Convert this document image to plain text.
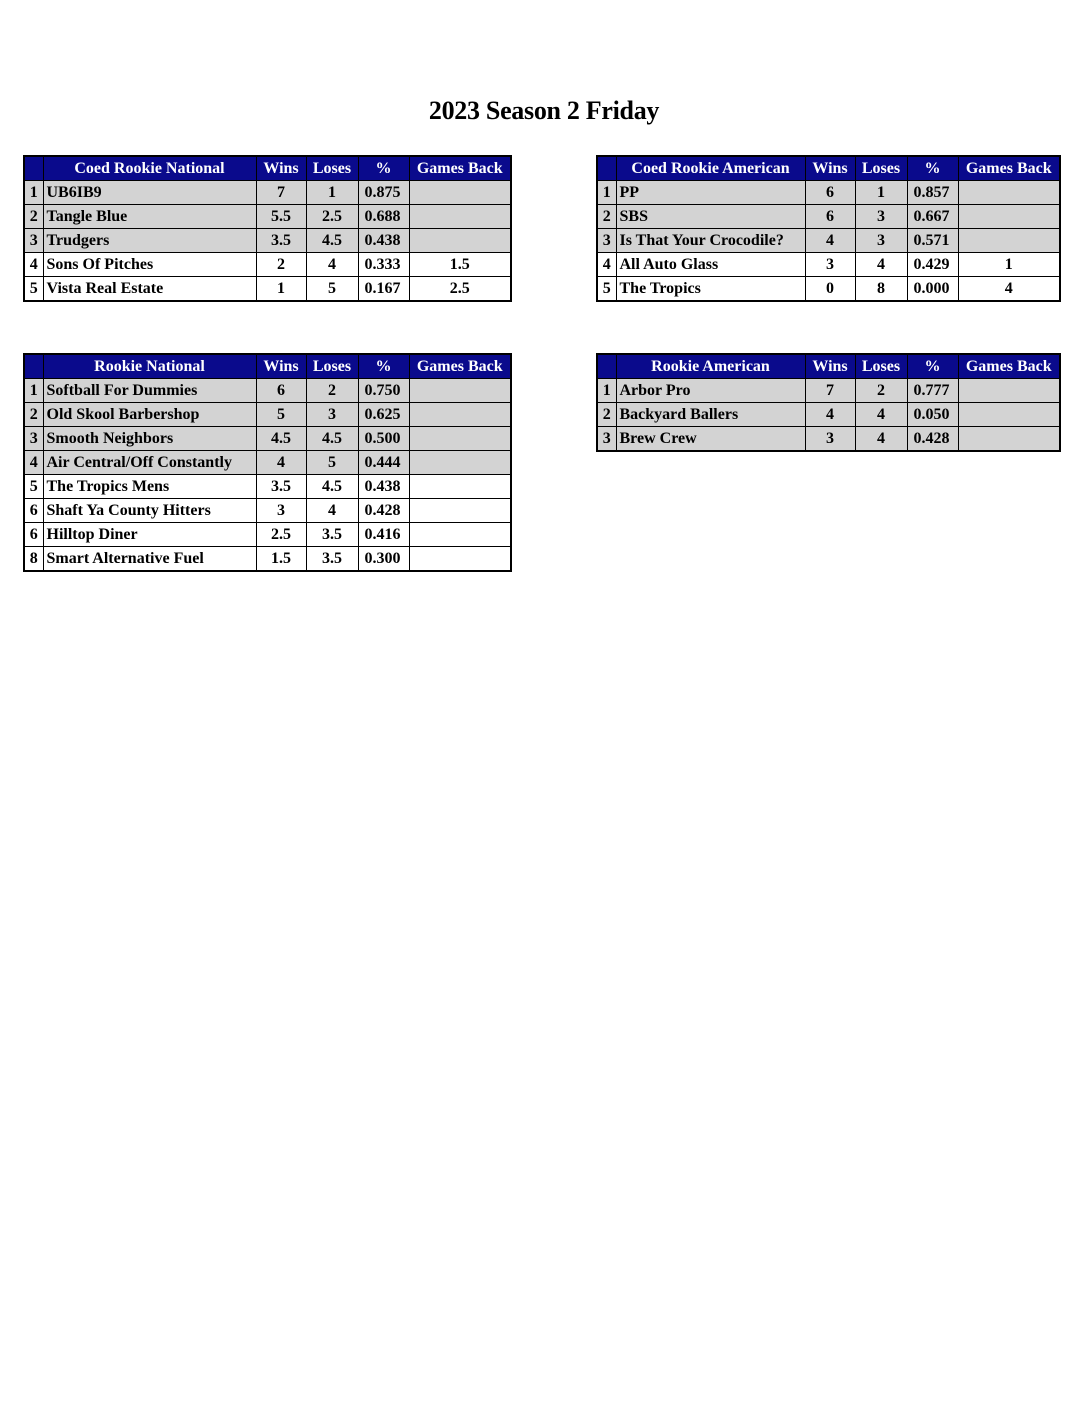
2023 Season 2 Friday
	Coed Rookie National	Wins	Loses	%	Games Back
1	UB6IB9	7	1	0.875	
2	Tangle Blue	5.5	2.5	0.688	
3	Trudgers	3.5	4.5	0.438	
4	Sons Of Pitches	2	4	0.333	1.5
5	Vista Real Estate	1	5	0.167	2.5
	Coed Rookie American	Wins	Loses	%	Games Back
1	PP	6	1	0.857	
2	SBS	6	3	0.667	
3	Is That Your Crocodile?	4	3	0.571	
4	All Auto Glass	3	4	0.429	1
5	The Tropics	0	8	0.000	4
	Rookie National	Wins	Loses	%	Games Back
1	Softball For Dummies	6	2	0.750	
2	Old Skool Barbershop	5	3	0.625	
3	Smooth Neighbors	4.5	4.5	0.500	
4	Air Central/Off Constantly	4	5	0.444	
5	The Tropics Mens	3.5	4.5	0.438	
6	Shaft Ya County Hitters	3	4	0.428	
6	Hilltop Diner	2.5	3.5	0.416	
8	Smart Alternative Fuel	1.5	3.5	0.300	
	Rookie American	Wins	Loses	%	Games Back
1	Arbor Pro	7	2	0.777	
2	Backyard Ballers	4	4	0.050	
3	Brew Crew	3	4	0.428	
